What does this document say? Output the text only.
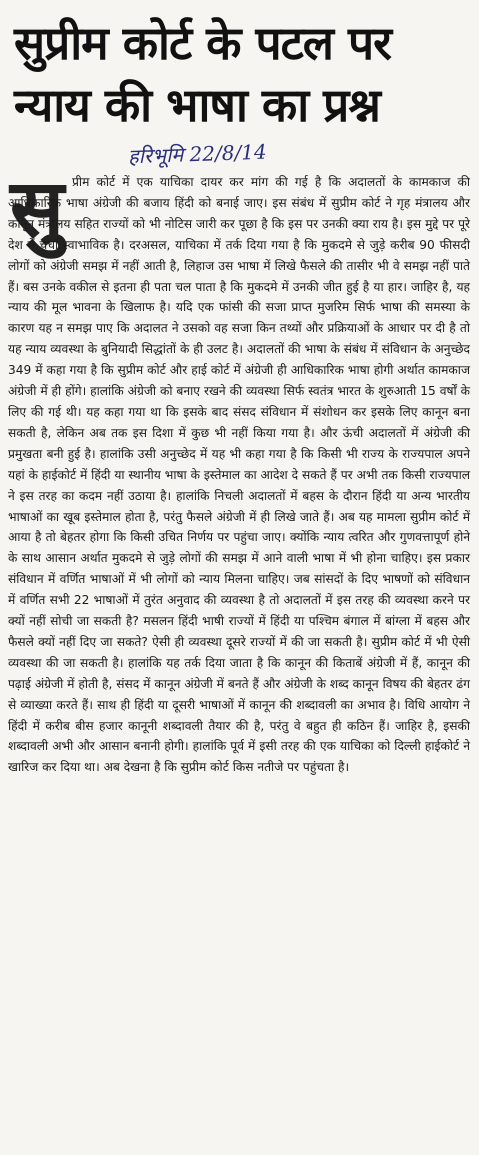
सुप्रीम कोर्ट के पटल पर
न्याय की भाषा का प्रश्न
हरिभूमि 22/8/14
सु प्रीम कोर्ट में एक याचिका दायर कर मांग की गई है कि अदालतों के कामकाज की आधिकारिक भाषा अंग्रेजी की बजाय हिंदी को बनाई जाए। इस संबंध में सुप्रीम कोर्ट ने गृह मंत्रालय और कानून मंत्रालय सहित राज्यों को भी नोटिस जारी कर पूछा है कि इस पर उनकी क्या राय है। इस मुद्दे पर पूरे देश में चर्चा स्वाभाविक है। दरअसल, याचिका में तर्क दिया गया है कि मुकदमे से जुड़े करीब 90 फीसदी लोगों को अंग्रेजी समझ में नहीं आती है, लिहाज उस भाषा में लिखे फैसले की तासीर भी वे समझ नहीं पाते हैं। बस उनके वकील से इतना ही पता चल पाता है कि मुकदमे में उनकी जीत हुई है या हार। जाहिर है, यह न्याय की मूल भावना के खिलाफ है। यदि एक फांसी की सजा प्राप्त मुजरिम सिर्फ भाषा की समस्या के कारण यह न समझ पाए कि अदालत ने उसको वह सजा किन तथ्यों और प्रक्रियाओं के आधार पर दी है तो यह न्याय व्यवस्था के बुनियादी सिद्धांतों के ही उलट है। अदालतों की भाषा के संबंध में संविधान के अनुच्छेद 349 में कहा गया है कि सुप्रीम कोर्ट और हाई कोर्ट में अंग्रेजी ही आधिकारिक भाषा होगी अर्थात कामकाज अंग्रेजी में ही होंगे। हालांकि अंग्रेजी को बनाए रखने की व्यवस्था सिर्फ स्वतंत्र भारत के शुरुआती 15 वर्षों के लिए की गई थी। यह कहा गया था कि इसके बाद संसद संविधान में संशोधन कर इसके लिए कानून बना सकती है, लेकिन अब तक इस दिशा में कुछ भी नहीं किया गया है। और ऊंची अदालतों में अंग्रेजी की प्रमुखता बनी हुई है। हालांकि उसी अनुच्छेद में यह भी कहा गया है कि किसी भी राज्य के राज्यपाल अपने यहां के हाईकोर्ट में हिंदी या स्थानीय भाषा के इस्तेमाल का आदेश दे सकते हैं पर अभी तक किसी राज्यपाल ने इस तरह का कदम नहीं उठाया है। हालांकि निचली अदालतों में बहस के दौरान हिंदी या अन्य भारतीय भाषाओं का खूब इस्तेमाल होता है, परंतु फैसले अंग्रेजी में ही लिखे जाते हैं। अब यह मामला सुप्रीम कोर्ट में आया है तो बेहतर होगा कि किसी उचित निर्णय पर पहुंचा जाए। क्योंकि न्याय त्वरित और गुणवत्तापूर्ण होने के साथ आसान अर्थात मुकदमे से जुड़े लोगों की समझ में आने वाली भाषा में भी होना चाहिए। इस प्रकार संविधान में वर्णित भाषाओं में भी लोगों को न्याय मिलना चाहिए। जब सांसदों के दिए भाषणों को संविधान में वर्णित सभी 22 भाषाओं में तुरंत अनुवाद की व्यवस्था है तो अदालतों में इस तरह की व्यवस्था करने पर क्यों नहीं सोची जा सकती है? मसलन हिंदी भाषी राज्यों में हिंदी या पश्चिम बंगाल में बांग्ला में बहस और फैसले क्यों नहीं दिए जा सकते? ऐसी ही व्यवस्था दूसरे राज्यों में की जा सकती है। सुप्रीम कोर्ट में भी ऐसी व्यवस्था की जा सकती है। हालांकि यह तर्क दिया जाता है कि कानून की किताबें अंग्रेजी में हैं, कानून की पढ़ाई अंग्रेजी में होती है, संसद में कानून अंग्रेजी में बनते हैं और अंग्रेजी के शब्द कानून विषय की बेहतर ढंग से व्याख्या करते हैं। साथ ही हिंदी या दूसरी भाषाओं में कानून की शब्दावली का अभाव है। विधि आयोग ने हिंदी में करीब बीस हजार कानूनी शब्दावली तैयार की है, परंतु वे बहुत ही कठिन हैं। जाहिर है, इसकी शब्दावली अभी और आसान बनानी होगी। हालांकि पूर्व में इसी तरह की एक याचिका को दिल्ली हाईकोर्ट ने खारिज कर दिया था। अब देखना है कि सुप्रीम कोर्ट किस नतीजे पर पहुंचता है।
